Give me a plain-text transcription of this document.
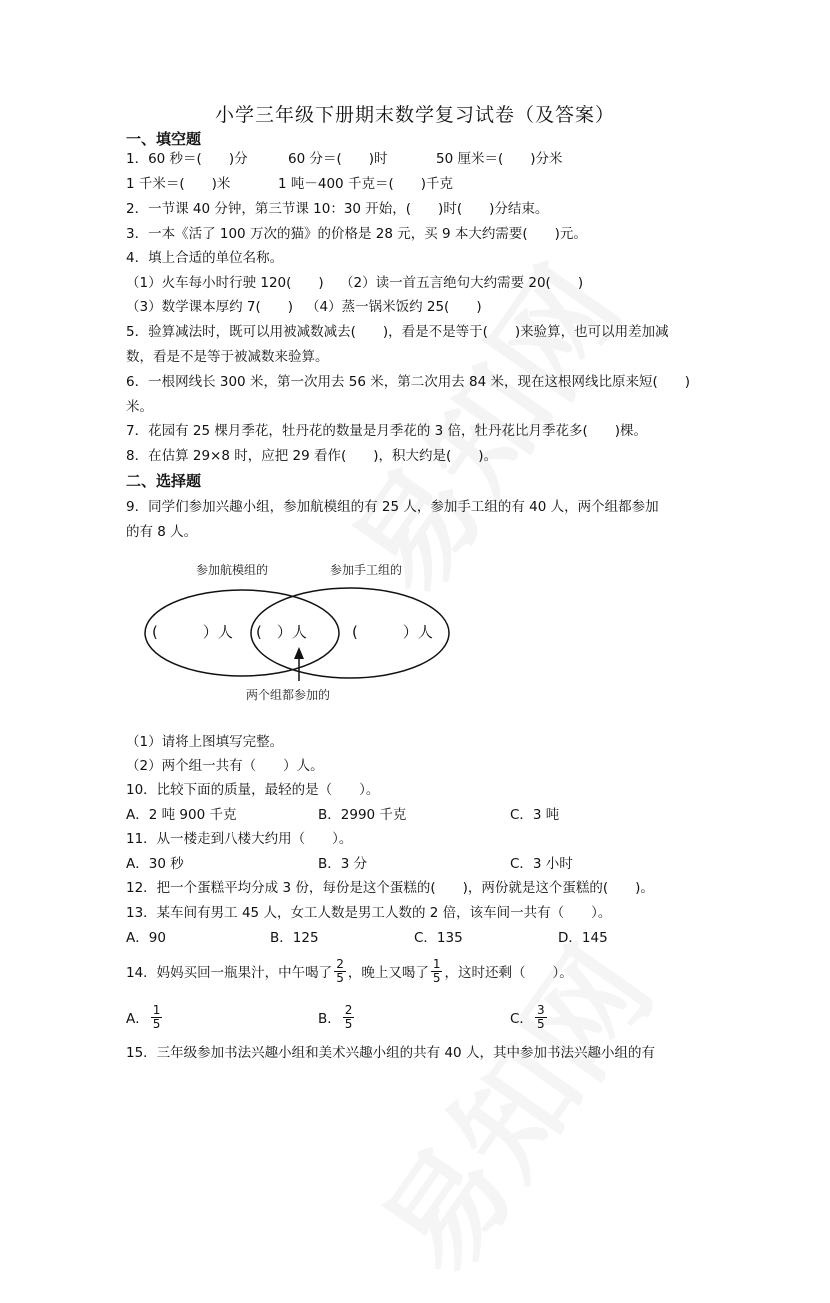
小学三年级下册期末数学复习试卷（及答案）
一、填空题
1．60 秒＝(　　)分	60 分＝(　　)时	50 厘米＝(　　)分米
1 千米＝(　　)米	1 吨－400 千克＝(　　)千克
2．一节课 40 分钟，第三节课 10：30 开始，(　　)时(　　)分结束。
3．一本《活了 100 万次的猫》的价格是 28 元，买 9 本大约需要(　　)元。
4．填上合适的单位名称。
（1）火车每小时行驶 120(　　) （2）读一首五言绝句大约需要 20(　　)
（3）数学课本厚约 7(　　) （4）蒸一锅米饭约 25(　　)
5．验算减法时，既可以用被减数减去(　　)，看是不是等于(　　)来验算，也可以用差加减
数，看是不是等于被减数来验算。
6．一根网线长 300 米，第一次用去 56 米，第二次用去 84 米，现在这根网线比原来短(　　)
米。
7．花园有 25 棵月季花，牡丹花的数量是月季花的 3 倍，牡丹花比月季花多(　　)棵。
8．在估算 29×8 时，应把 29 看作(　　)，积大约是(　　)。
二、选择题
9．同学们参加兴趣小组，参加航模组的有 25 人，参加手工组的有 40 人，两个组都参加
的有 8 人。
参加航模组的	参加手工组的
(　　　）人 (　）人	(　　　）人
两个组都参加的
（1）请将上图填写完整。
（2）两个组一共有（　　）人。
10．比较下面的质量，最轻的是（　　）。
A．2 吨 900 千克	B．2990 千克	C．3 吨
11．从一楼走到八楼大约用（　　）。
A．30 秒	B．3 分	C．3 小时
12．把一个蛋糕平均分成 3 份，每份是这个蛋糕的(　　)，两份就是这个蛋糕的(　　)。
13．某车间有男工 45 人，女工人数是男工人数的 2 倍，该车间一共有（　　）。
A．90	B．125	C．135	D．145
14．妈妈买回一瓶果汁，中午喝了 $\frac{2}{5}$ ，晚上又喝了 $\frac{1}{5}$ ，这时还剩（　　）。
A． $\frac{1}{5}$	B． $\frac{2}{5}$	C． $\frac{3}{5}$
15．三年级参加书法兴趣小组和美术兴趣小组的共有 40 人，其中参加书法兴趣小组的有
